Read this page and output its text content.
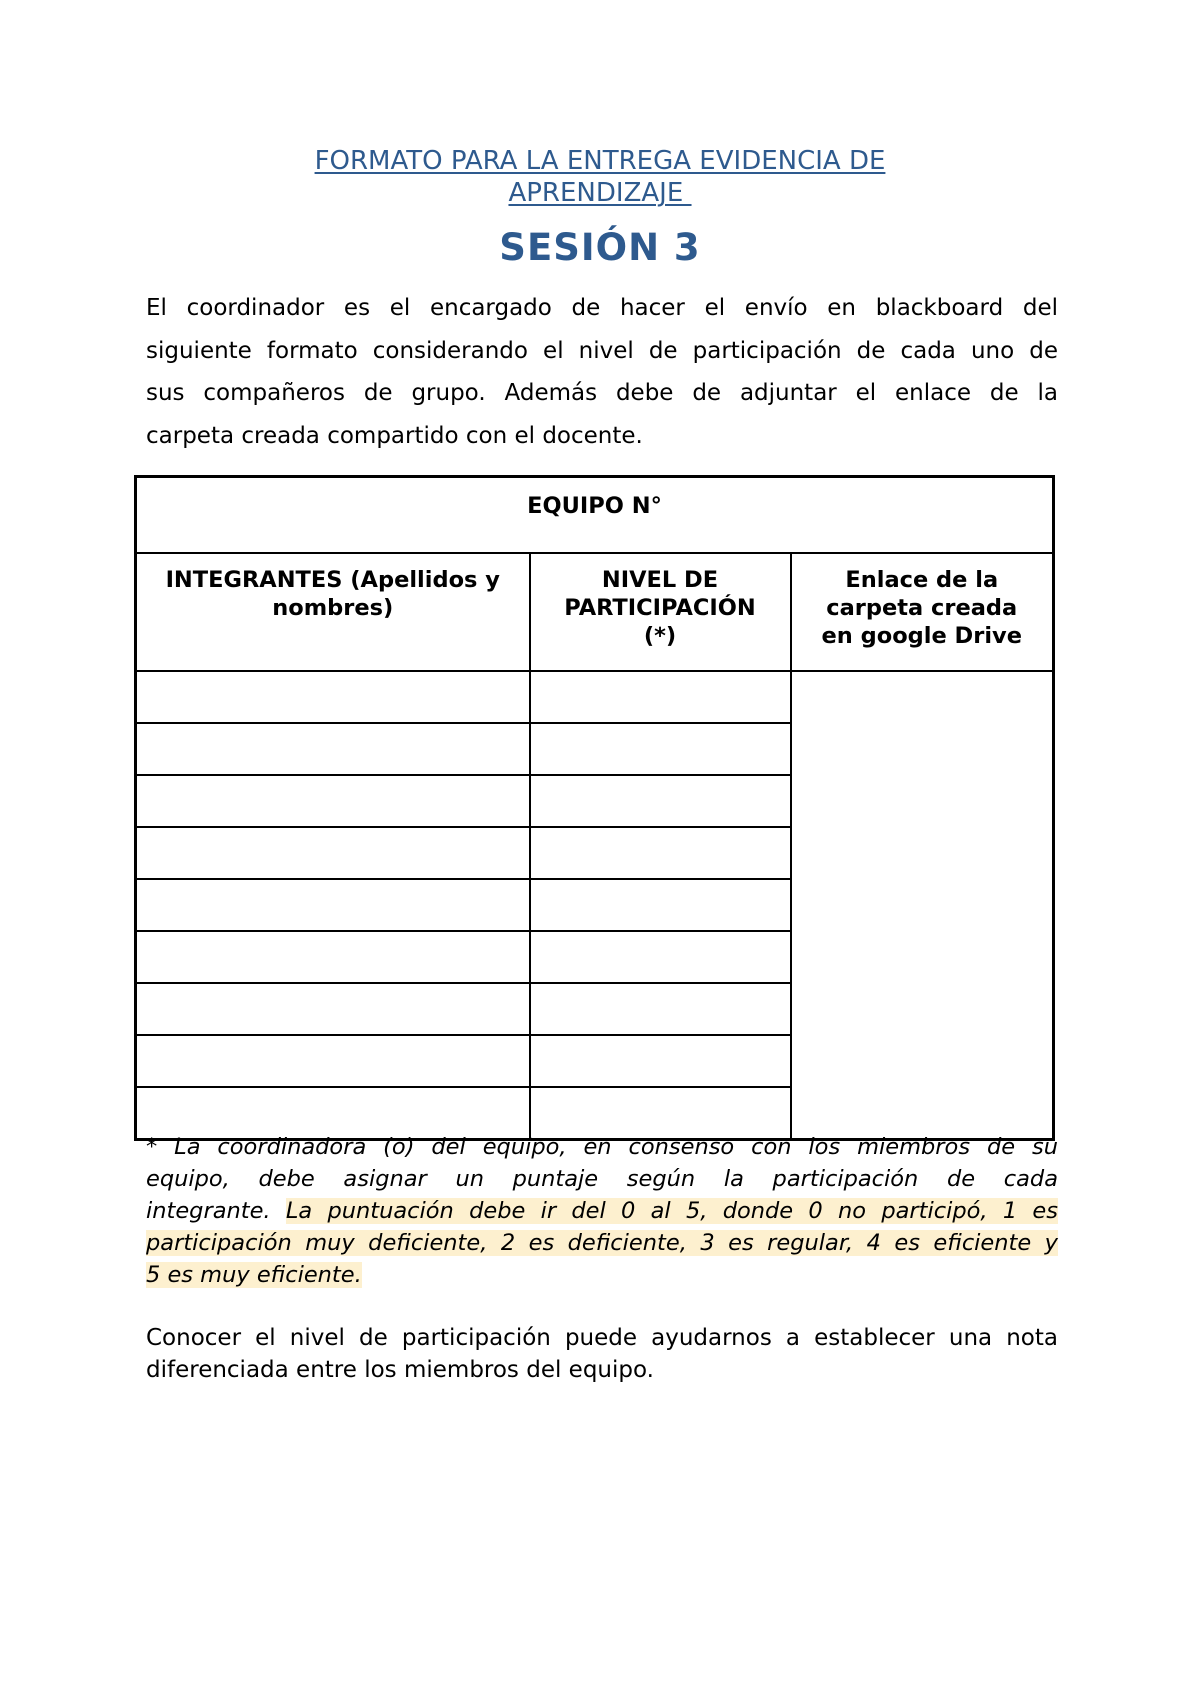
FORMATO PARA LA ENTREGA EVIDENCIA DE
APRENDIZAJE
SESIÓN 3
El coordinador es el encargado de hacer el envío en blackboard del
siguiente formato considerando el nivel de participación de cada uno de
sus compañeros de grupo. Además debe de adjuntar el enlace de la
carpeta creada compartido con el docente.
EQUIPO N°		
INTEGRANTES (Apellidos y nombres)	NIVEL DE PARTICIPACIÓN (*)	Enlace de la carpeta creada en google Drive

* La coordinadora (o) del equipo, en consenso con los miembros de su
equipo, debe asignar un puntaje según la participación de cada
integrante. La puntuación debe ir del 0 al 5, donde 0 no participó, 1 es
participación muy deficiente, 2 es deficiente, 3 es regular, 4 es eficiente y
5 es muy eficiente.
Conocer el nivel de participación puede ayudarnos a establecer una nota
diferenciada entre los miembros del equipo.
